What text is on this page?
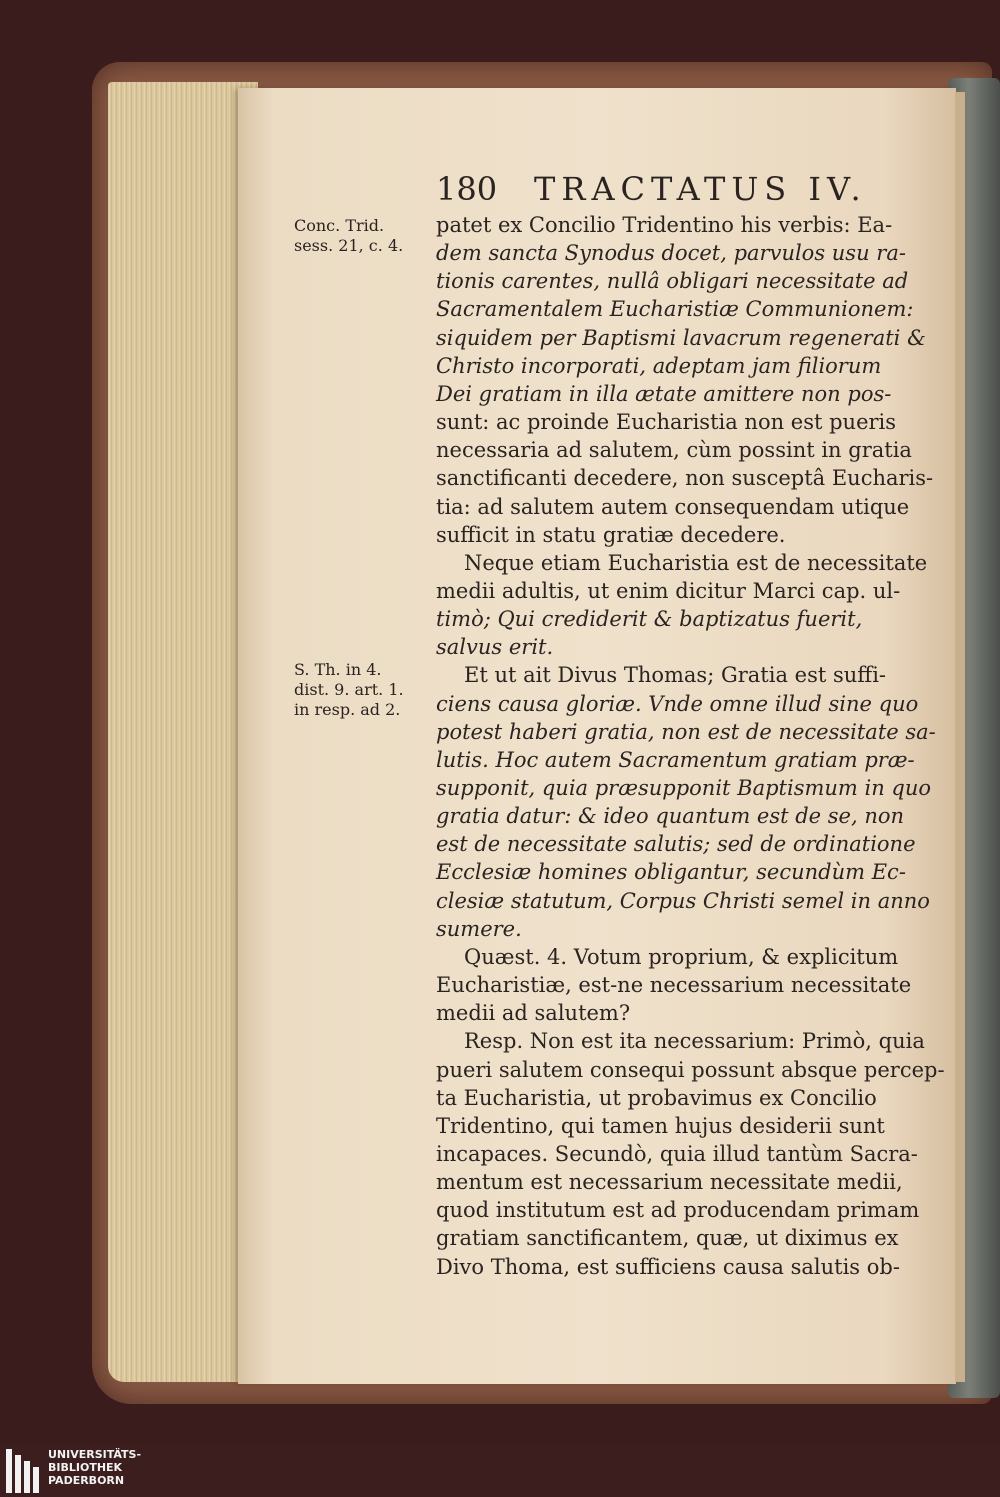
180 TRACTATUS IV.
Conc. Trid.
sess. 21, c. 4.
S. Th. in 4.
dist. 9. art. 1.
in resp. ad 2.
patet ex Concilio Tridentino his verbis: Ea-
dem sancta Synodus docet, parvulos usu ra-
tionis carentes, nullâ obligari necessitate ad
Sacramentalem Eucharistiæ Communionem:
siquidem per Baptismi lavacrum regenerati &
Christo incorporati, adeptam jam filiorum
Dei gratiam in illa ætate amittere non pos-
sunt: ac proinde Eucharistia non est pueris
necessaria ad salutem, cùm possint in gratia
sanctificanti decedere, non susceptâ Eucharis-
tia: ad salutem autem consequendam utique
sufficit in statu gratiæ decedere.
Neque etiam Eucharistia est de necessitate
medii adultis, ut enim dicitur Marci cap. ul-
timò; Qui crediderit & baptizatus fuerit,
salvus erit.
Et ut ait Divus Thomas; Gratia est suffi-
ciens causa gloriæ. Vnde omne illud sine quo
potest haberi gratia, non est de necessitate sa-
lutis. Hoc autem Sacramentum gratiam præ-
supponit, quia præsupponit Baptismum in quo
gratia datur: & ideo quantum est de se, non
est de necessitate salutis; sed de ordinatione
Ecclesiæ homines obligantur, secundùm Ec-
clesiæ statutum, Corpus Christi semel in anno
sumere.
Quæst. 4. Votum proprium, & explicitum
Eucharistiæ, est-ne necessarium necessitate
medii ad salutem?
Resp. Non est ita necessarium: Primò, quia
pueri salutem consequi possunt absque percep-
ta Eucharistia, ut probavimus ex Concilio
Tridentino, qui tamen hujus desiderii sunt
incapaces. Secundò, quia illud tantùm Sacra-
mentum est necessarium necessitate medii,
quod institutum est ad producendam primam
gratiam sanctificantem, quæ, ut diximus ex
Divo Thoma, est sufficiens causa salutis ob-
UNIVERSITÄTS-
BIBLIOTHEK
PADERBORN
